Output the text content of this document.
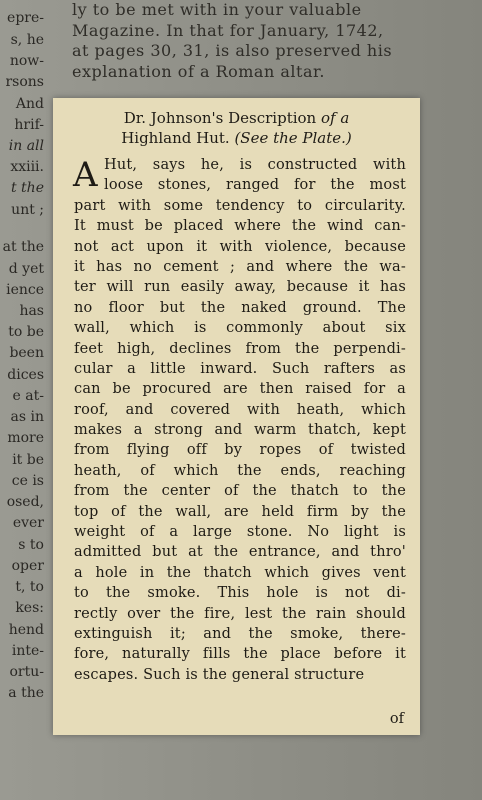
ly to be met with in your valuable
Magazine. In that for January, 1742,
at pages 30, 31, is also preserved his
explanation of a Roman altar.
epre-
s, he
now-
rsons
And
hrif-
in all
xxiii.
t the
unt ;
at the
d yet
ience
has
to be
been
dices
e at-
as in
more
it be
ce is
osed,
ever
s to
oper
t, to
kes:
hend
inte-
ortu-
a the
Dr. Johnson's Description of a
Highland Hut. (See the Plate.)
A Hut, says he, is constructed with
loose stones, ranged for the most
part with some tendency to circularity.
It must be placed where the wind can-
not act upon it with violence, because
it has no cement ; and where the wa-
ter will run easily away, because it has
no floor but the naked ground. The
wall, which is commonly about six
feet high, declines from the perpendi-
cular a little inward. Such rafters as
can be procured are then raised for a
roof, and covered with heath, which
makes a strong and warm thatch, kept
from flying off by ropes of twisted
heath, of which the ends, reaching
from the center of the thatch to the
top of the wall, are held firm by the
weight of a large stone. No light is
admitted but at the entrance, and thro'
a hole in the thatch which gives vent
to the smoke. This hole is not di-
rectly over the fire, lest the rain should
extinguish it; and the smoke, there-
fore, naturally fills the place before it
escapes. Such is the general structure
of
